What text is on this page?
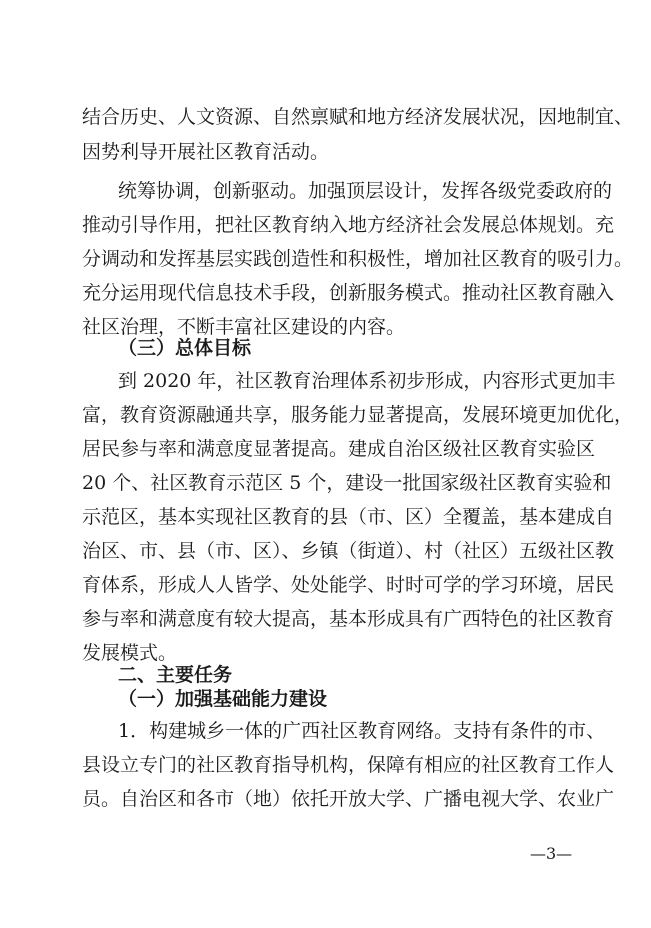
结合历史、人文资源、自然禀赋和地方经济发展状况，因地制宜、
因势利导开展社区教育活动。
统筹协调，创新驱动。加强顶层设计，发挥各级党委政府的
推动引导作用，把社区教育纳入地方经济社会发展总体规划。充
分调动和发挥基层实践创造性和积极性，增加社区教育的吸引力。
充分运用现代信息技术手段，创新服务模式。推动社区教育融入
社区治理，不断丰富社区建设的内容。
（三）总体目标
到 2020 年，社区教育治理体系初步形成，内容形式更加丰
富，教育资源融通共享，服务能力显著提高，发展环境更加优化，
居民参与率和满意度显著提高。建成自治区级社区教育实验区
20 个、社区教育示范区 5 个，建设一批国家级社区教育实验和
示范区，基本实现社区教育的县（市、区）全覆盖，基本建成自
治区、市、县（市、区）、乡镇（街道）、村（社区）五级社区教
育体系，形成人人皆学、处处能学、时时可学的学习环境，居民
参与率和满意度有较大提高，基本形成具有广西特色的社区教育
发展模式。
二、主要任务
（一）加强基础能力建设
1．构建城乡一体的广西社区教育网络。支持有条件的市、
—3—
县设立专门的社区教育指导机构，保障有相应的社区教育工作人
员。自治区和各市（地）依托开放大学、广播电视大学、农业广
